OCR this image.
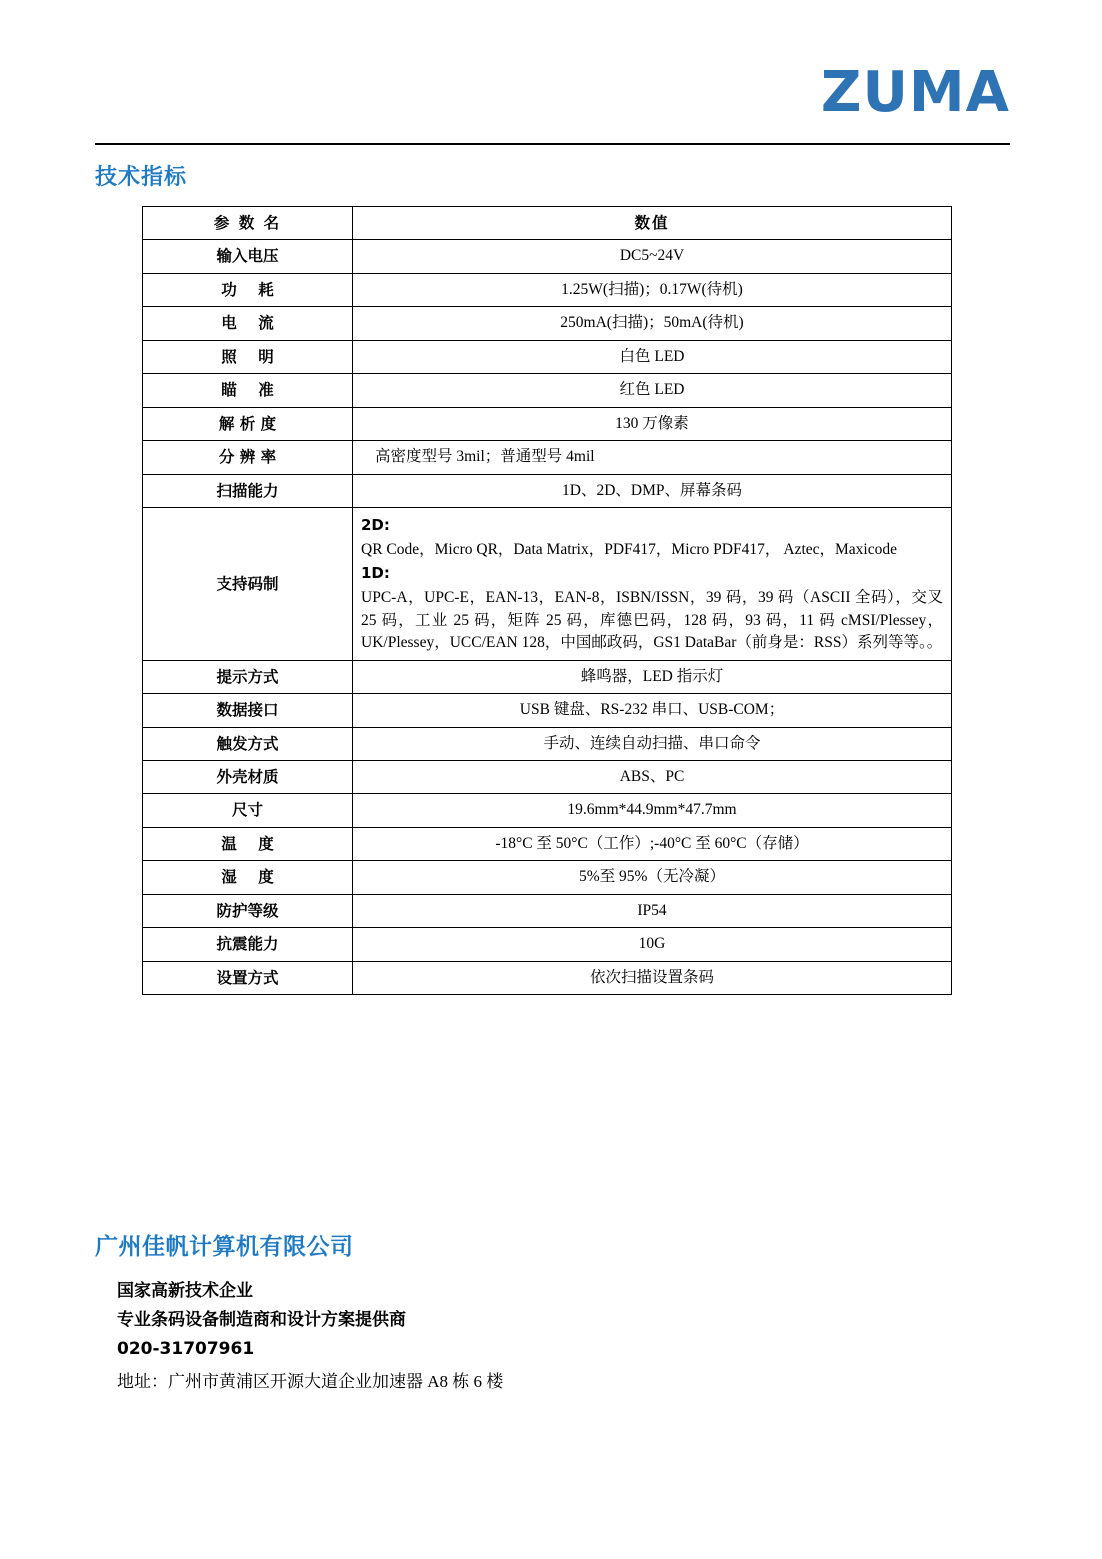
ZUMA
技术指标
参 数 名	数值
输入电压	DC5~24V
功    耗	1.25W(扫描)；0.17W(待机)
电    流	250mA(扫描)；50mA(待机)
照    明	白色 LED
瞄    准	红色 LED
解 析 度	130 万像素
分 辨 率	高密度型号 3mil；普通型号 4mil
扫描能力	1D、2D、DMP、屏幕条码
支持码制	2D:
QR Code，Micro QR，Data Matrix，PDF417，Micro PDF417， Aztec，Maxicode
1D:
UPC-A，UPC-E，EAN-13，EAN-8，ISBN/ISSN，39 码，39 码（ASCII 全码），交叉 25 码，工业 25 码，矩阵 25 码，库德巴码，128 码，93 码，11 码 cMSI/Plessey，UK/Plessey，UCC/EAN 128，中国邮政码，GS1 DataBar（前身是：RSS）系列等等。。

提示方式	蜂鸣器，LED 指示灯
数据接口	USB 键盘、RS-232 串口、USB-COM；
触发方式	手动、连续自动扫描、串口命令
外壳材质	ABS、PC
尺寸	19.6mm*44.9mm*47.7mm
温    度	-18°C 至 50°C（工作）;-40°C 至 60°C（存储）
湿    度	5%至 95%（无冷凝）
防护等级	IP54
抗震能力	10G
设置方式	依次扫描设置条码
广州佳帆计算机有限公司
国家高新技术企业
专业条码设备制造商和设计方案提供商
020-31707961
地址：广州市黄浦区开源大道企业加速器 A8 栋 6 楼
